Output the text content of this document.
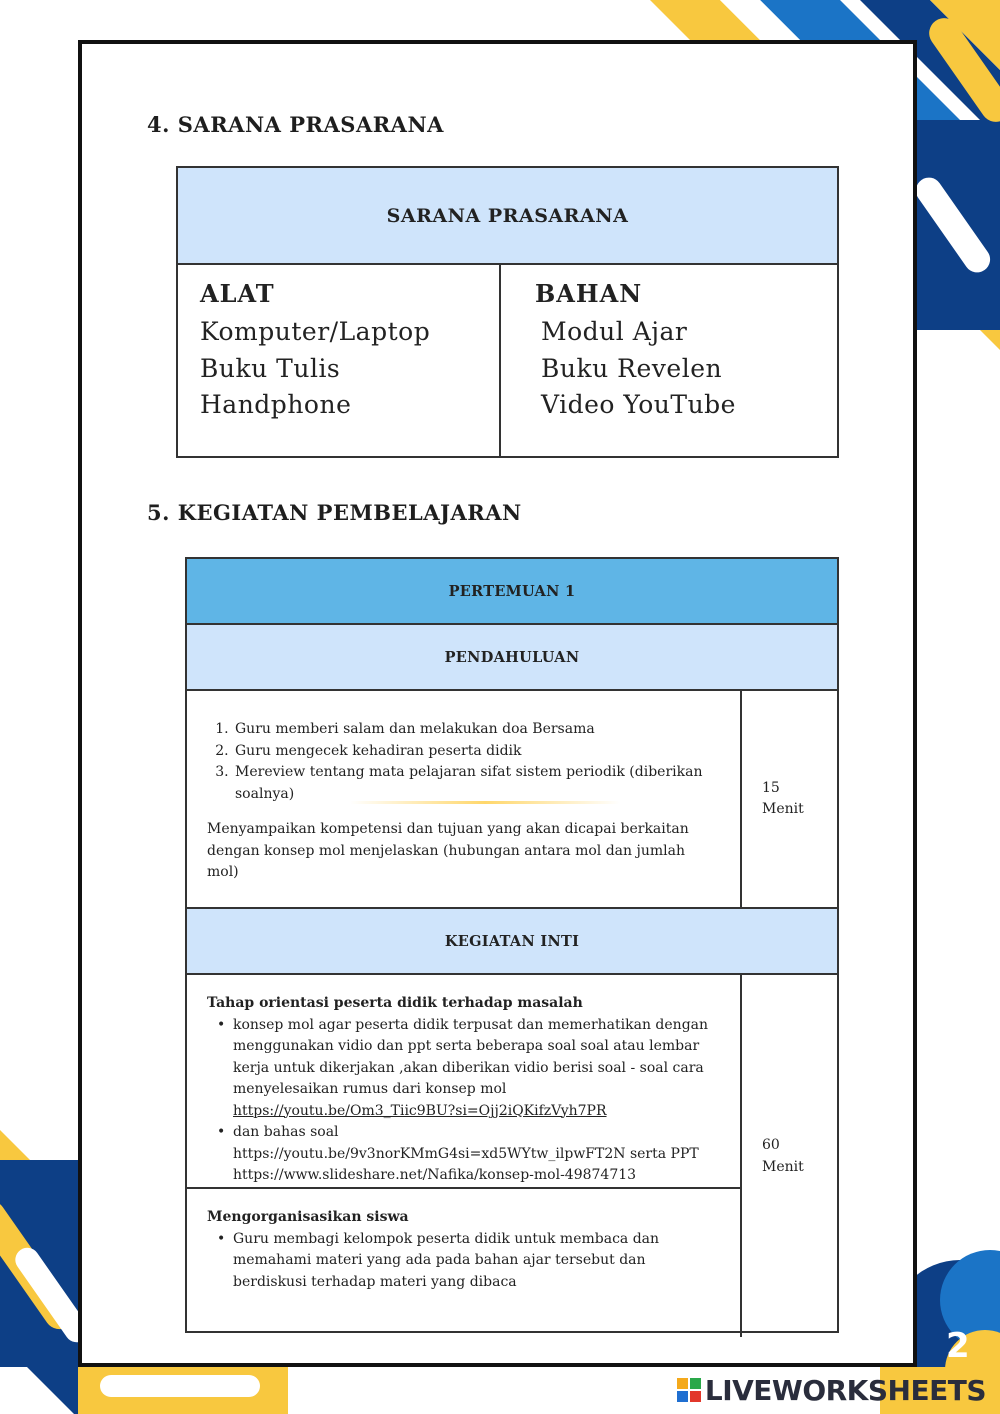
4. SARANA PRASARANA
SARANA PRASARANA
ALAT
Komputer/Laptop
Buku Tulis
Handphone
BAHAN
Modul Ajar
Buku Revelen
Video YouTube
5. KEGIATAN PEMBELAJARAN
PERTEMUAN 1
PENDAHULUAN
1. Guru memberi salam dan melakukan doa Bersama
2. Guru mengecek kehadiran peserta didik
3. Mereview tentang mata pelajaran sifat sistem periodik (diberikan soalnya)
Menyampaikan kompetensi dan tujuan yang akan dicapai berkaitan dengan konsep mol menjelaskan (hubungan antara mol dan jumlah mol)
15
Menit
KEGIATAN INTI
Tahap orientasi peserta didik terhadap masalah
• konsep mol agar peserta didik terpusat dan memerhatikan dengan menggunakan vidio dan ppt serta beberapa soal soal atau lembar kerja untuk dikerjakan ,akan diberikan vidio berisi soal - soal cara menyelesaikan rumus dari konsep mol https://youtu.be/Om3_Tiic9BU?si=Ojj2iQKifzVyh7PR
• dan bahas soal https://youtu.be/9v3norKMmG4si=xd5WYtw_ilpwFT2N serta PPT https://www.slideshare.net/Nafika/konsep-mol-49874713
Mengorganisasikan siswa
• Guru membagi kelompok peserta didik untuk membaca dan memahami materi yang ada pada bahan ajar tersebut dan berdiskusi terhadap materi yang dibaca
60
Menit
2
LIVEWORKSHEETS
